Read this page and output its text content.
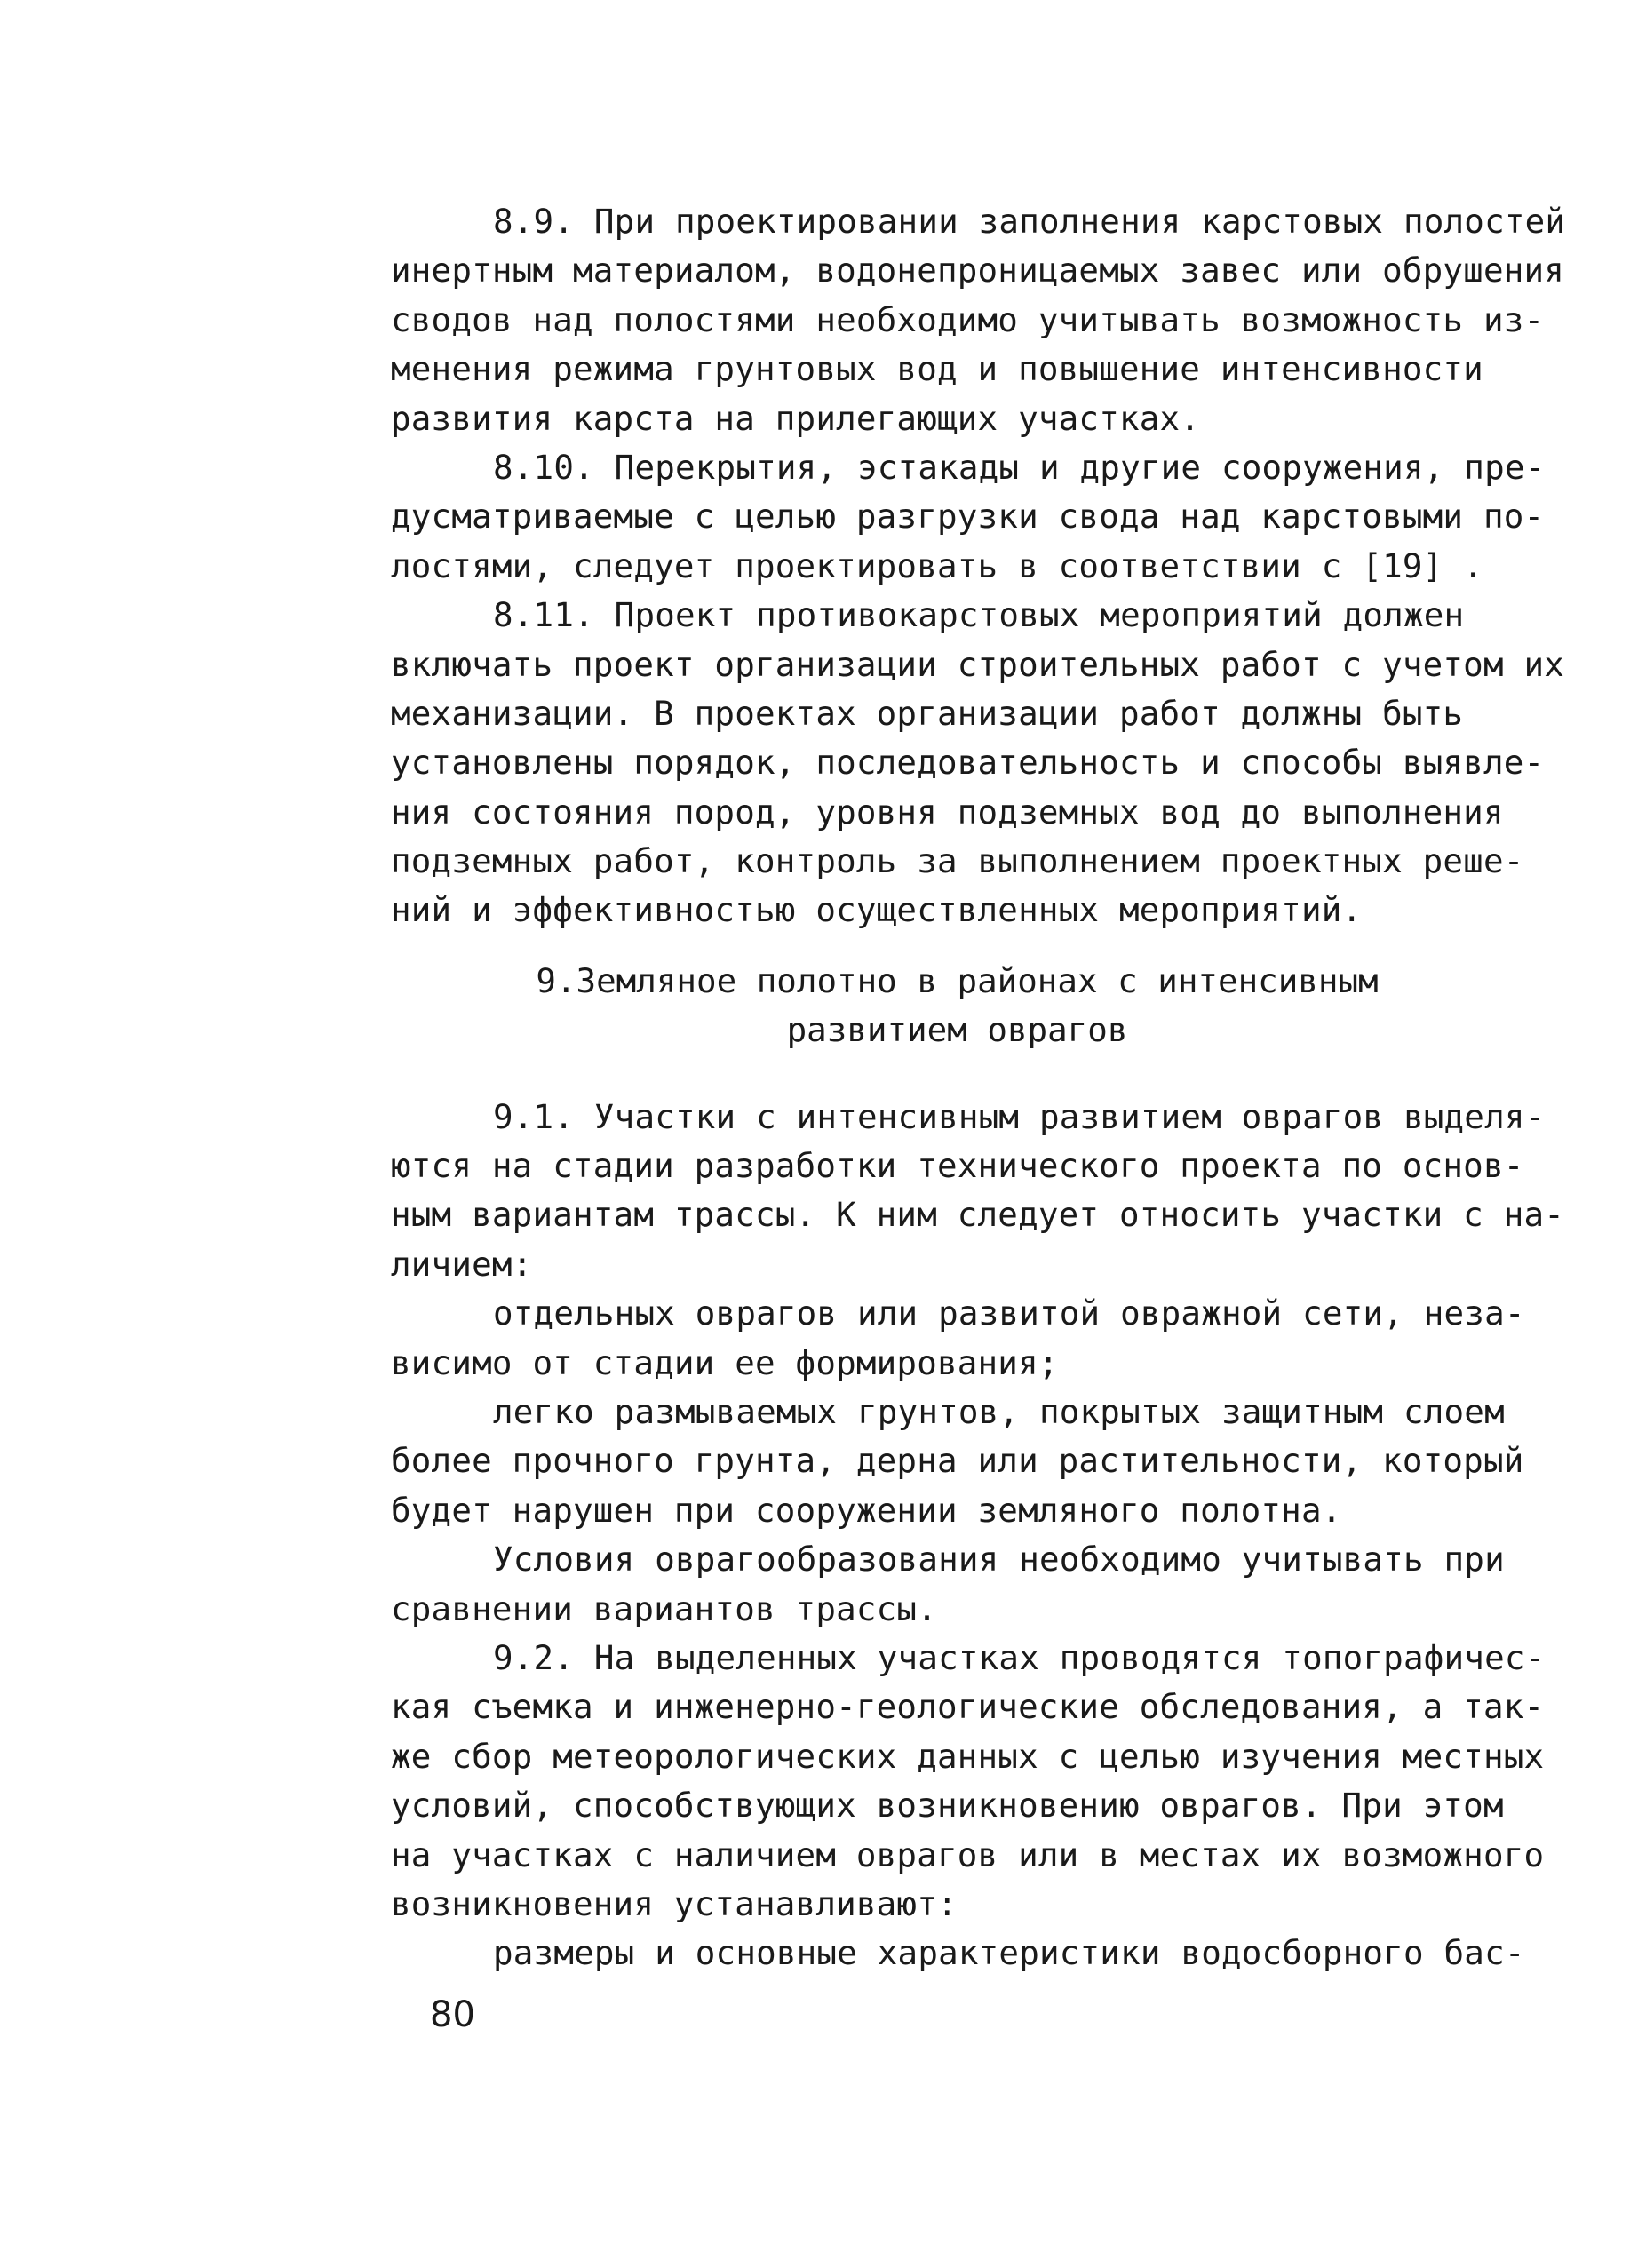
8.9. При проектировании заполнения карстовых полостей
инертным материалом, водонепроницаемых завес или обрушения
сводов над полостями необходимо учитывать возможность из-
менения режима грунтовых вод и повышение интенсивности
развития карста на прилегающих участках.
8.10. Перекрытия, эстакады и другие сооружения, пре-
дусматриваемые с целью разгрузки свода над карстовыми по-
лостями, следует проектировать в соответствии с [19] .
8.11. Проект противокарстовых мероприятий должен
включать проект организации строительных работ с учетом их
механизации. В проектах организации работ должны быть
установлены порядок, последовательность и способы выявле-
ния состояния пород, уровня подземных вод до выполнения
подземных работ, контроль за выполнением проектных реше-
ний и эффективностью осуществленных мероприятий.
9.Земляное полотно в районах с интенсивным
развитием оврагов
9.1. Участки с интенсивным развитием оврагов выделя-
ются на стадии разработки технического проекта по основ-
ным вариантам трассы. К ним следует относить участки с на-
личием:
отдельных оврагов или развитой овражной сети, неза-
висимо от стадии ее формирования;
легко размываемых грунтов, покрытых защитным слоем
более прочного грунта, дерна или растительности, который
будет нарушен при сооружении земляного полотна.
Условия оврагообразования необходимо учитывать при
сравнении вариантов трассы.
9.2. На выделенных участках проводятся топографичес-
кая съемка и инженерно-геологические обследования, а так-
же сбор метеорологических данных с целью изучения местных
условий, способствующих возникновению оврагов. При этом
на участках с наличием оврагов или в местах их возможного
возникновения устанавливают:
размеры и основные характеристики водосборного бас-
80
